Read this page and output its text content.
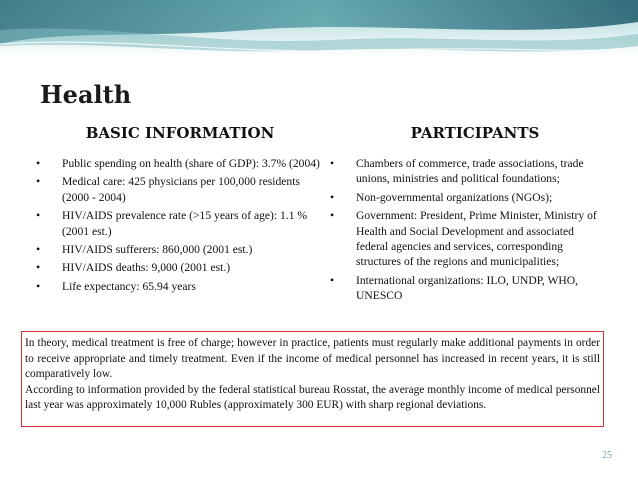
Health
BASIC INFORMATION	PARTICIPANTS
• Public spending on health (share of GDP): 3.7% (2004)
• Medical care: 425 physicians per 100,000 residents (2000 - 2004)
• HIV/AIDS prevalence rate (>15 years of age): 1.1 % (2001 est.)
• HIV/AIDS sufferers: 860,000 (2001 est.)
• HIV/AIDS deaths: 9,000 (2001 est.)
• Life expectancy: 65.94 years
• Chambers of commerce, trade associations, trade unions, ministries and political foundations;
• Non-governmental organizations (NGOs);
• Government: President, Prime Minister, Ministry of Health and Social Development and associated federal agencies and services, corresponding structures of the regions and municipalities;
• International organizations: ILO, UNDP, WHO, UNESCO

In theory, medical treatment is free of charge; however in practice, patients must regularly make additional payments in order to receive appropriate and timely treatment. Even if the income of medical personnel has increased in recent years, it is still comparatively low.

According to information provided by the federal statistical bureau Rosstat, the average monthly income of medical personnel last year was approximately 10,000 Rubles (approximately 300 EUR) with sharp regional deviations.

25
